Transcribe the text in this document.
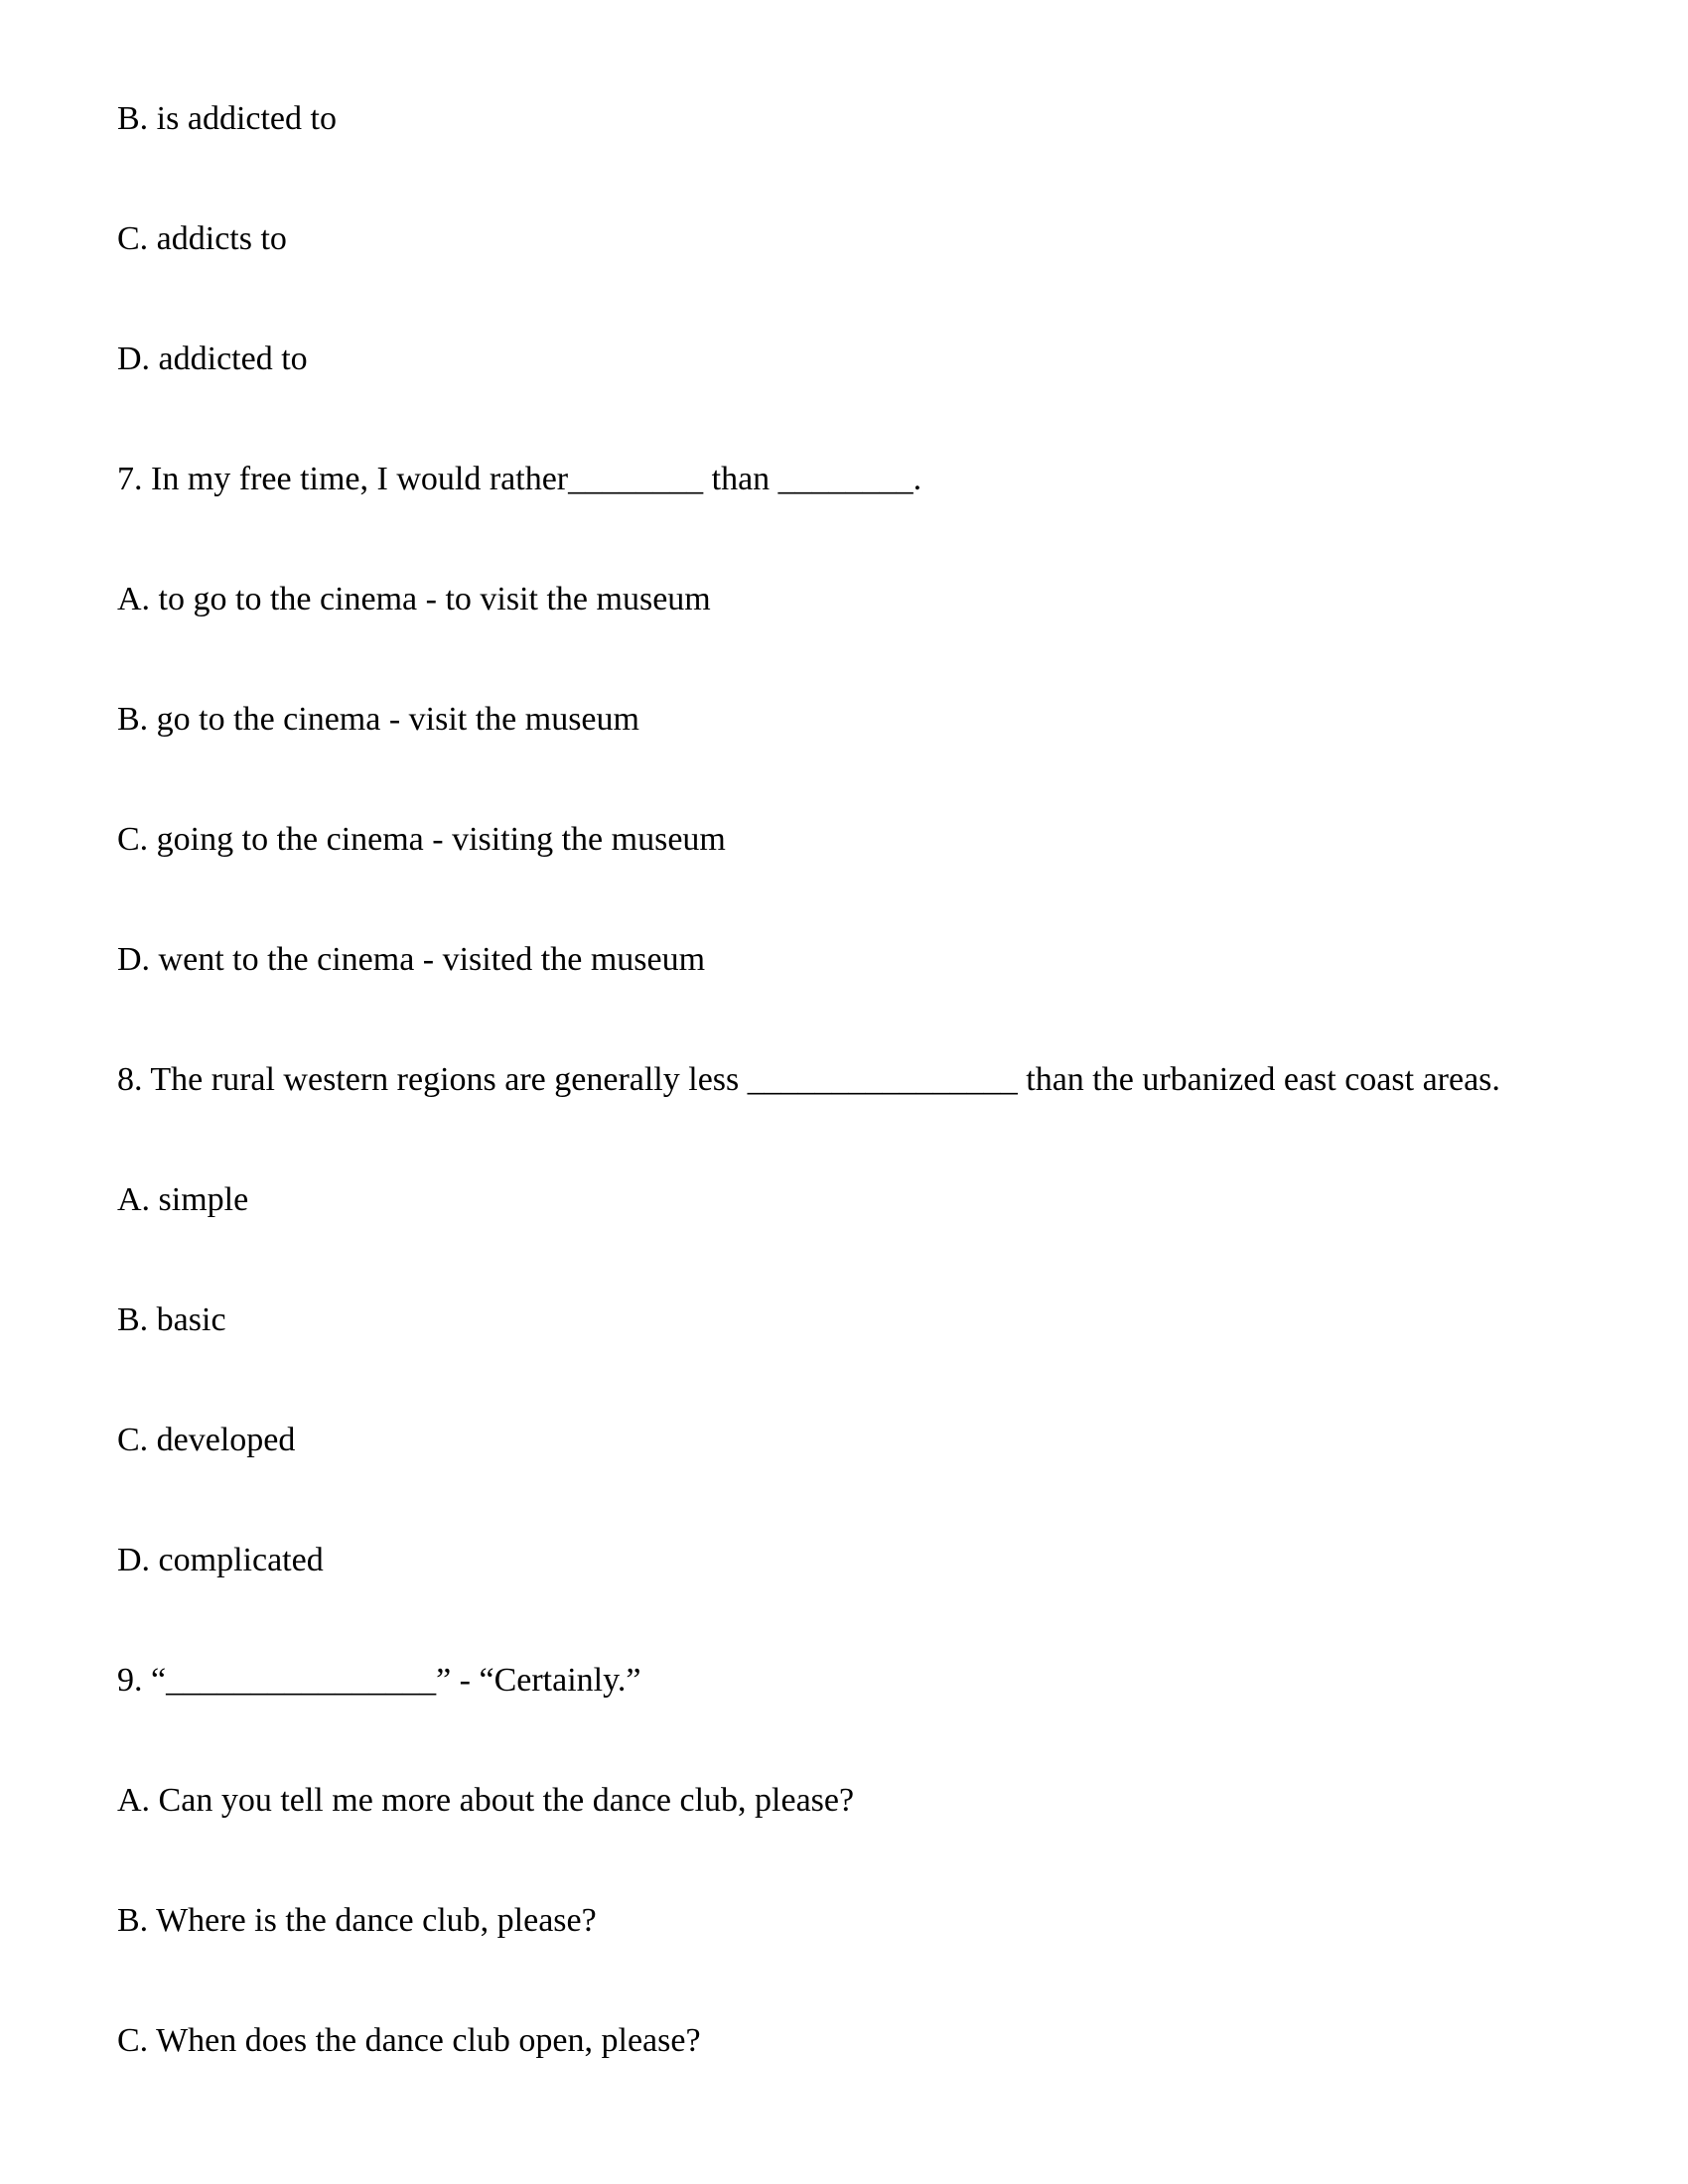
B. is addicted to
C. addicts to
D. addicted to
7. In my free time, I would rather________ than ________.
A. to go to the cinema - to visit the museum
B. go to the cinema - visit the museum
C. going to the cinema - visiting the museum
D. went to the cinema - visited the museum
8. The rural western regions are generally less ________________ than the urbanized east coast areas.
A. simple
B. basic
C. developed
D. complicated
9. “________________” - “Certainly.”
A. Can you tell me more about the dance club, please?
B. Where is the dance club, please?
C. When does the dance club open, please?
